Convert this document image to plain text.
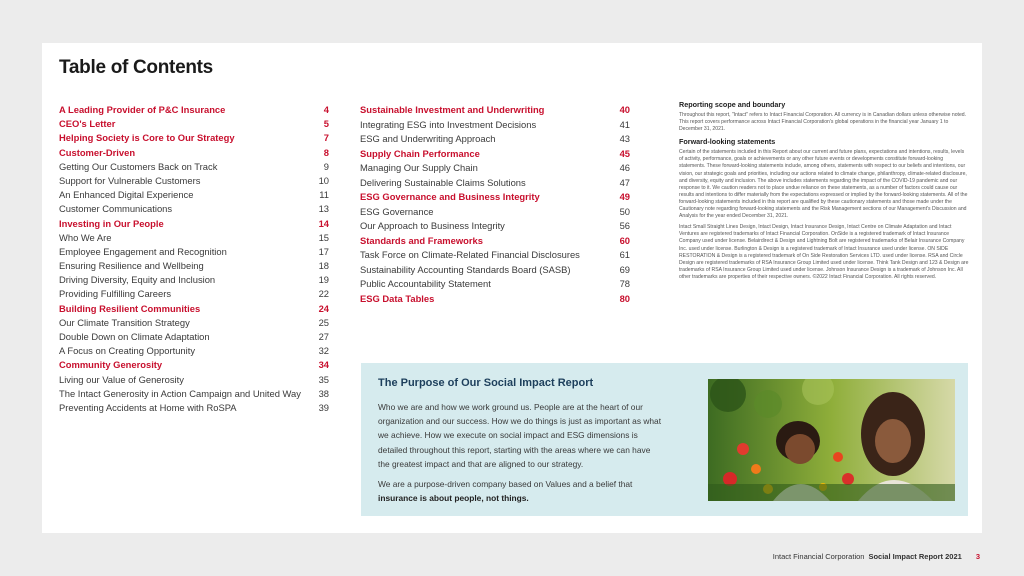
Table of Contents
A Leading Provider of P&C Insurance	4
CEO's Letter	5
Helping Society is Core to Our Strategy	7
Customer-Driven	8
Getting Our Customers Back on Track	9
Support for Vulnerable Customers	10
An Enhanced Digital Experience	11
Customer Communications	13
Investing in Our People	14
Who We Are	15
Employee Engagement and Recognition	17
Ensuring Resilience and Wellbeing	18
Driving Diversity, Equity and Inclusion	19
Providing Fulfilling Careers	22
Building Resilient Communities	24
Our Climate Transition Strategy	25
Double Down on Climate Adaptation	27
A Focus on Creating Opportunity	32
Community Generosity	34
Living our Value of Generosity	35
The Intact Generosity in Action Campaign and United Way	38
Preventing Accidents at Home with RoSPA	39
Sustainable Investment and Underwriting	40
Integrating ESG into Investment Decisions	41
ESG and Underwriting Approach	43
Supply Chain Performance	45
Managing Our Supply Chain	46
Delivering Sustainable Claims Solutions	47
ESG Governance and Business Integrity	49
ESG Governance	50
Our Approach to Business Integrity	56
Standards and Frameworks	60
Task Force on Climate-Related Financial Disclosures	61
Sustainability Accounting Standards Board (SASB)	69
Public Accountability Statement	78
ESG Data Tables	80
Reporting scope and boundary

Throughout this report, "Intact" refers to Intact Financial Corporation. All currency is in Canadian dollars unless otherwise noted. This report covers performance across Intact Financial Corporation's global operations in the financial year January 1 to December 31, 2021.

Forward-looking statements

Certain of the statements included in this Report about our current and future plans, expectations and intentions, results, levels of activity, performance, goals or achievements or any other future events or developments constitute forward-looking statements. These forward-looking statements include, among others, statements with respect to our beliefs and intentions, our vision, our strategic goals and priorities, including our actions related to climate change, philanthropy, climate-related disclosure, and diversity, equity and inclusion. The above includes statements regarding the impact of the COVID-19 pandemic and our response to it. We caution readers not to place undue reliance on these statements, as a number of factors could cause our results and intentions to differ materially from the expectations expressed or implied by the forward-looking statements. All of the forward-looking statements included in this report are qualified by these cautionary statements and those made under the Cautionary note regarding forward-looking statements and the Risk Management sections of our Management's Discussion and Analysis for the year ended December 31, 2021.

Intact Small Straight Lines Design, Intact Design, Intact Insurance Design, Intact Centre on Climate Adaptation and Intact Ventures are registered trademarks of Intact Financial Corporation. OnSide is a registered trademark of Intact Insurance Company used under license. Belairdirect & Design and Lightning Bolt are registered trademarks of Belair Insurance Company Inc. used under license. Burlington & Design is a registered trademark of Intact Insurance used under license. ON SIDE RESTORATION & Design is a registered trademark of On Side Restoration Services LTD. used under license. RSA and Circle Design are registered trademarks of RSA Insurance Group Limited used under license. Think Tank Design and 123 & Design are trademarks of RSA Insurance Group Limited used under license. Johnson Insurance Design is a trademark of Johnson Inc. All other trademarks are properties of their respective owners. ©2022 Intact Financial Corporation. All rights reserved.

The Purpose of Our Social Impact Report

Who we are and how we work ground us. People are at the heart of our organization and our success. How we do things is just as important as what we achieve. How we execute on social impact and ESG dimensions is detailed throughout this report, starting with the areas where we can have the greatest impact and that are aligned to our strategy.

We are a purpose-driven company based on Values and a belief that insurance is about people, not things.

Intact Financial Corporation Social Impact Report 2021 3
